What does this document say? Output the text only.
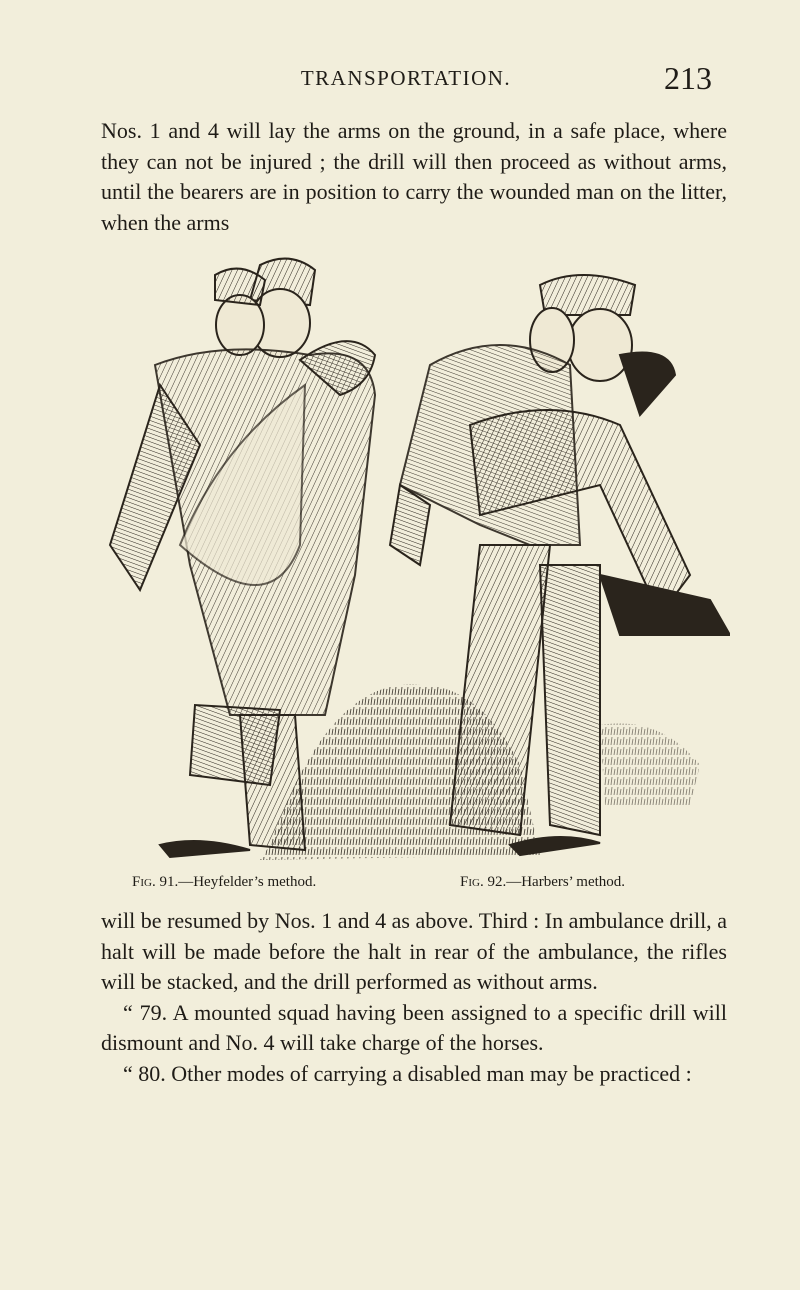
TRANSPORTATION.	213
Nos. 1 and 4 will lay the arms on the ground, in a safe place, where they can not be injured ; the drill will then proceed as without arms, until the bearers are in position to carry the wounded man on the litter, when the arms
Fig. 91.—Heyfelder’s method.	Fig. 92.—Harbers’ method.
will be resumed by Nos. 1 and 4 as above. Third : In ambulance drill, a halt will be made before the halt in rear of the ambulance, the rifles will be stacked, and the drill performed as without arms.
“ 79. A mounted squad having been assigned to a specific drill will dismount and No. 4 will take charge of the horses.
“ 80. Other modes of carrying a disabled man may be practiced :
